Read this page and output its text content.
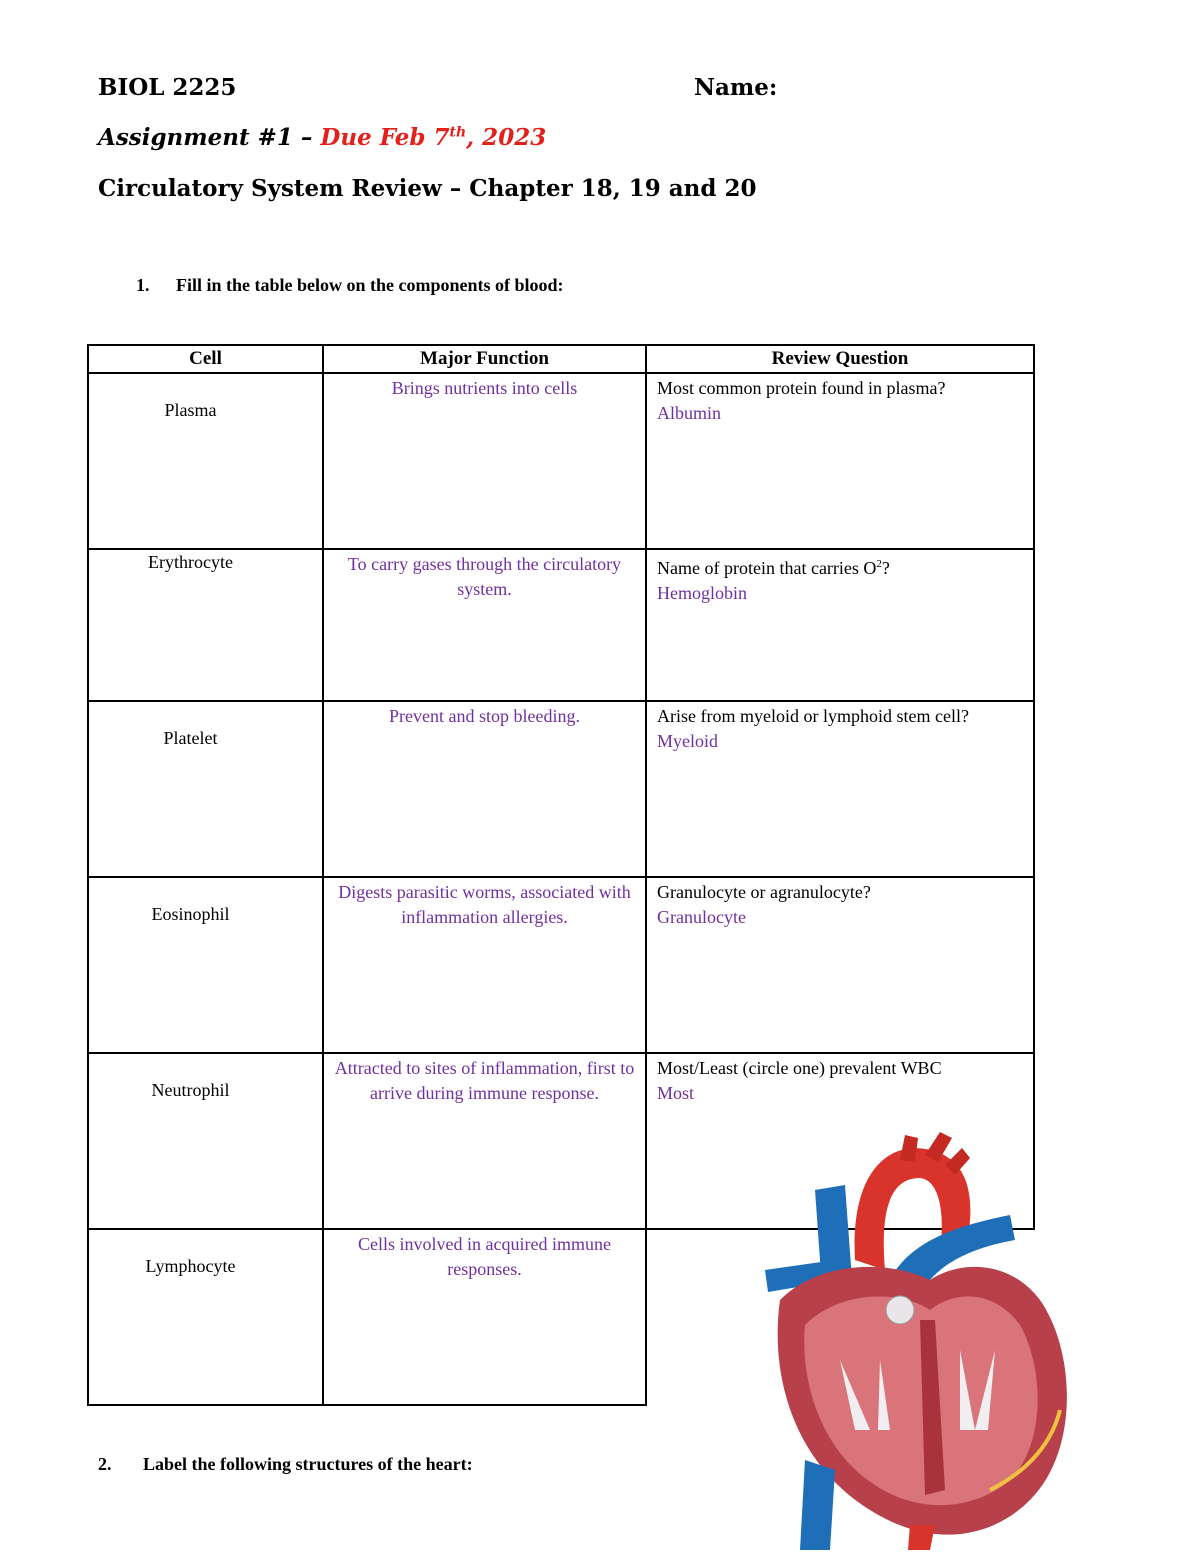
BIOL 2225	Name:
Assignment #1 – Due Feb 7th, 2023
Circulatory System Review – Chapter 18, 19 and 20
1. Fill in the table below on the components of blood:
Cell	Major Function	Review Question
Plasma	Brings nutrients into cells	Most common protein found in plasma?
Albumin

Erythrocyte	To carry gases through the circulatory system.	Name of protein that carries $O^2$?
Hemoglobin

Platelet	Prevent and stop bleeding.	Arise from myeloid or lymphoid stem cell?
Myeloid

Eosinophil	Digests parasitic worms, associated with inflammation allergies.	Granulocyte or agranulocyte?
Granulocyte

Neutrophil	Attracted to sites of inflammation, first to arrive during immune response.	Most/Least (circle one) prevalent WBC
Most

Lymphocyte	Cells involved in acquired immune responses.	
2. Label the following structures of the heart:
